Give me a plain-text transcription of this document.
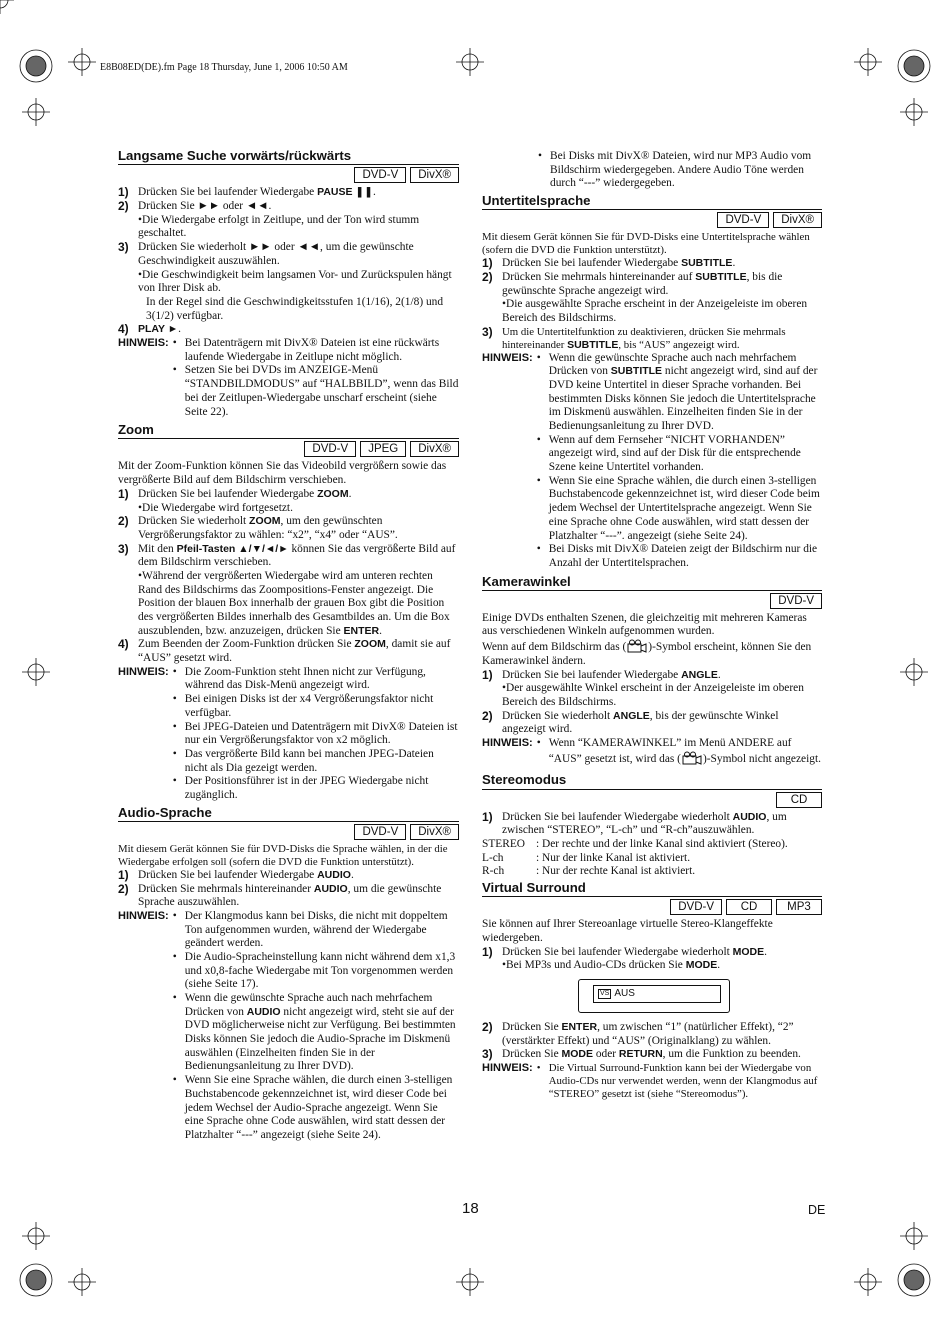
E8B08ED(DE).fm Page 18 Thursday, June 1, 2006 10:50 AM
Langsame Suche vorwärts/rückwärts
DVD-V DivX®
1) Drücken Sie bei laufender Wiedergabe PAUSE ❚❚.
2) Drücken Sie ►► oder ◄◄.
•Die Wiedergabe erfolgt in Zeitlupe, und der Ton wird stumm geschaltet.
3) Drücken Sie wiederholt ►► oder ◄◄, um die gewünschte Geschwindigkeit auszuwählen.
•Die Geschwindigkeit beim langsamen Vor- und Zurückspulen hängt von Ihrer Disk ab.
In der Regel sind die Geschwindigkeitsstufen 1(1/16), 2(1/8) und 3(1/2) verfügbar.
4) PLAY ►.
HINWEIS: • Bei Datenträgern mit DivX® Dateien ist eine rückwärts laufende Wiedergabe in Zeitlupe nicht möglich.
• Setzen Sie bei DVDs im ANZEIGE-Menü “STANDBILDMODUS” auf “HALBBILD”, wenn das Bild bei der Zeitlupen-Wiedergabe unscharf erscheint (siehe Seite 22).
Zoom
DVD-V JPEG DivX®
Mit der Zoom-Funktion können Sie das Videobild vergrößern sowie das vergrößerte Bild auf dem Bildschirm verschieben.
1) Drücken Sie bei laufender Wiedergabe ZOOM.
•Die Wiedergabe wird fortgesetzt.
2) Drücken Sie wiederholt ZOOM, um den gewünschten Vergrößerungsfaktor zu wählen: “x2”, “x4” oder “AUS”.
3) Mit den Pfeil-Tasten ▲/▼/◄/► können Sie das vergrößerte Bild auf dem Bildschirm verschieben.
•Während der vergrößerten Wiedergabe wird am unteren rechten Rand des Bildschirms das Zoompositions-Fenster angezeigt. Die Position der blauen Box innerhalb der grauen Box gibt die Position des vergrößerten Bildes innerhalb des Gesamtbildes an. Um die Box auszublenden, bzw. anzuzeigen, drücken Sie ENTER.
4) Zum Beenden der Zoom-Funktion drücken Sie ZOOM, damit sie auf “AUS” gesetzt wird.
HINWEIS: • Die Zoom-Funktion steht Ihnen nicht zur Verfügung, während das Disk-Menü angezeigt wird.
• Bei einigen Disks ist der x4 Vergrößerungsfaktor nicht verfügbar.
• Bei JPEG-Dateien und Datenträgern mit DivX® Dateien ist nur ein Vergrößerungsfaktor von x2 möglich.
• Das vergrößerte Bild kann bei manchen JPEG-Dateien nicht als Dia gezeigt werden.
• Der Positionsführer ist in der JPEG Wiedergabe nicht zugänglich.
Audio-Sprache
DVD-V DivX®
Mit diesem Gerät können Sie für DVD-Disks die Sprache wählen, in der die Wiedergabe erfolgen soll (sofern die DVD die Funktion unterstützt).
1) Drücken Sie bei laufender Wiedergabe AUDIO.
2) Drücken Sie mehrmals hintereinander AUDIO, um die gewünschte Sprache auszuwählen.
HINWEIS: • Der Klangmodus kann bei Disks, die nicht mit doppeltem Ton aufgenommen wurden, während der Wiedergabe geändert werden.
• Die Audio-Spracheinstellung kann nicht während dem x1,3 und x0,8-fache Wiedergabe mit Ton vorgenommen werden (siehe Seite 17).
• Wenn die gewünschte Sprache auch nach mehrfachem Drücken von AUDIO nicht angezeigt wird, steht sie auf der DVD möglicherweise nicht zur Verfügung. Bei bestimmten Disks können Sie jedoch die Audio-Sprache im Diskmenü auswählen (Einzelheiten finden Sie in der Bedienungsanleitung zu Ihrer DVD).
• Wenn Sie eine Sprache wählen, die durch einen 3-stelligen Buchstabencode gekennzeichnet ist, wird dieser Code bei jedem Wechsel der Audio-Sprache angezeigt. Wenn Sie eine Sprache ohne Code auswählen, wird statt dessen der Platzhalter “---” angezeigt (siehe Seite 24).
• Bei Disks mit DivX® Dateien, wird nur MP3 Audio vom Bildschirm wiedergegeben. Andere Audio Töne werden durch “---” wiedergegeben.
Untertitelsprache
DVD-V DivX®
Mit diesem Gerät können Sie für DVD-Disks eine Untertitelsprache wählen (sofern die DVD die Funktion unterstützt).
1) Drücken Sie bei laufender Wiedergabe SUBTITLE.
2) Drücken Sie mehrmals hintereinander auf SUBTITLE, bis die gewünschte Sprache angezeigt wird.
•Die ausgewählte Sprache erscheint in der Anzeigeleiste im oberen Bereich des Bildschirms.
3) Um die Untertitelfunktion zu deaktivieren, drücken Sie mehrmals hintereinander SUBTITLE, bis “AUS” angezeigt wird.
HINWEIS: • Wenn die gewünschte Sprache auch nach mehrfachem Drücken von SUBTITLE nicht angezeigt wird, sind auf der DVD keine Untertitel in dieser Sprache vorhanden. Bei bestimmten Disks können Sie jedoch die Untertitelsprache im Diskmenü auswählen. Einzelheiten finden Sie in der Bedienungsanleitung zu Ihrer DVD.
• Wenn auf dem Fernseher “NICHT VORHANDEN” angezeigt wird, sind auf der Disk für die entsprechende Szene keine Untertitel vorhanden.
• Wenn Sie eine Sprache wählen, die durch einen 3-stelligen Buchstabencode gekennzeichnet ist, wird dieser Code beim jedem Wechsel der Untertitelsprache angezeigt. Wenn Sie eine Sprache ohne Code auswählen, wird statt dessen der Platzhalter “---”. angezeigt (siehe Seite 24).
• Bei Disks mit DivX® Dateien zeigt der Bildschirm nur die Anzahl der Untertitelsprachen.
Kamerawinkel
DVD-V
Einige DVDs enthalten Szenen, die gleichzeitig mit mehreren Kameras aus verschiedenen Winkeln aufgenommen wurden.
Wenn auf dem Bildschirm das ( )-Symbol erscheint, können Sie den Kamerawinkel ändern.
1) Drücken Sie bei laufender Wiedergabe ANGLE.
•Der ausgewählte Winkel erscheint in der Anzeigeleiste im oberen Bereich des Bildschirms.
2) Drücken Sie wiederholt ANGLE, bis der gewünschte Winkel angezeigt wird.
HINWEIS: • Wenn “KAMERAWINKEL” im Menü ANDERE auf “AUS” gesetzt ist, wird das ( )-Symbol nicht angezeigt.
Stereomodus
CD
1) Drücken Sie bei laufender Wiedergabe wiederholt AUDIO, um zwischen “STEREO”, “L-ch” und “R-ch”auszuwählen.
STEREO : Der rechte und der linke Kanal sind aktiviert (Stereo).
L-ch	: Nur der linke Kanal ist aktiviert.
R-ch	: Nur der rechte Kanal ist aktiviert.
Virtual Surround
DVD-V CD	MP3
Sie können auf Ihrer Stereoanlage virtuelle Stereo-Klangeffekte wiedergeben.
1) Drücken Sie bei laufender Wiedergabe wiederholt MODE.
•Bei MP3s und Audio-CDs drücken Sie MODE.
VS AUS
2) Drücken Sie ENTER, um zwischen “1” (natürlicher Effekt), “2” (verstärkter Effekt) und “AUS” (Originalklang) zu wählen.
3) Drücken Sie MODE oder RETURN, um die Funktion zu beenden.
HINWEIS: • Die Virtual Surround-Funktion kann bei der Wiedergabe von Audio-CDs nur verwendet werden, wenn der Klangmodus auf “STEREO” gesetzt ist (siehe “Stereomodus”).
18	DE
